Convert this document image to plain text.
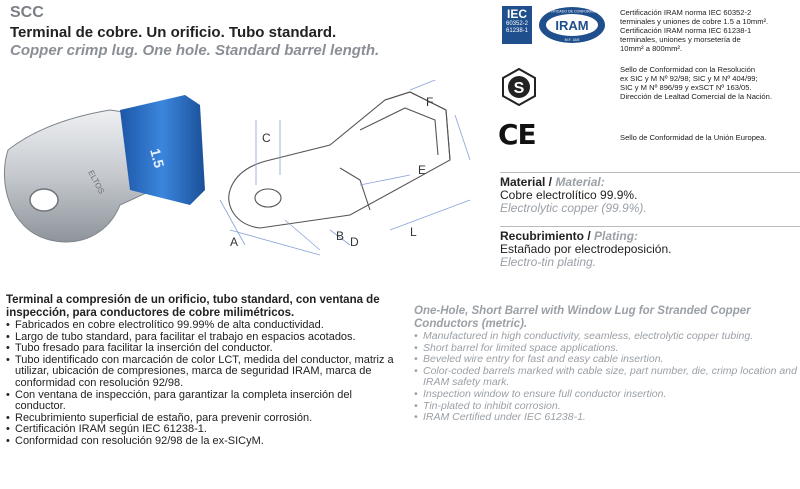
SCC
Terminal de cobre. Un orificio. Tubo standard.
Copper crimp lug. One hole. Standard barrel length.
1.5
ELTOS
A	B
C
D
E
F
L
IEC
60352-2
61238-1	IRAM
CERTIFICADO DE CONFORMIDAD
M.F. 15/5
Certificación IRAM norma IEC 60352-2
terminales y uniones de cobre 1.5 a 10mm².
Certificación IRAM norma IEC 61238-1
terminales, uniones y morsetería de
10mm² a 800mm².
S
Sello de Conformidad con la Resolución
ex SIC y M Nº 92/98; SIC y M Nº 404/99;
SIC y M Nº 896/99 y exSCT Nº 163/05.
Dirección de Lealtad Comercial de la Nación.
CE	Sello de Conformidad de la Unión Europea.
Material / Material:
Cobre electrolítico 99.9%.
Electrolytic copper (99.9%).
Recubrimiento / Plating:
Estañado por electrodeposición.
Electro-tin plating.
Terminal a compresión de un orificio, tubo standard, con ventana de inspección, para conductores de cobre milimétricos.
• Fabricados en cobre electrolítico 99.99% de alta conductividad.
• Largo de tubo standard, para facilitar el trabajo en espacios acotados.
• Tubo fresado para facilitar la inserción del conductor.
• Tubo identificado con marcación de color LCT, medida del conductor, matriz a utilizar, ubicación de compresiones, marca de seguridad IRAM, marca de conformidad con resolución 92/98.
• Con ventana de inspección, para garantizar la completa inserción del conductor.
• Recubrimiento superficial de estaño, para prevenir corrosión.
• Certificación IRAM según IEC 61238-1.
• Conformidad con resolución 92/98 de la ex-SICyM.
One-Hole, Short Barrel with Window Lug for Stranded Copper Conductors (metric).
• Manufactured in high conductivity, seamless, electrolytic copper tubing.
• Short barrel for limited space applications.
• Beveled wire entry for fast and easy cable insertion.
• Color-coded barrels marked with cable size, part number, die, crimp location and IRAM safety mark.
• Inspection window to ensure full conductor insertion.
• Tin-plated to inhibit corrosion.
• IRAM Certified under IEC 61238-1.
